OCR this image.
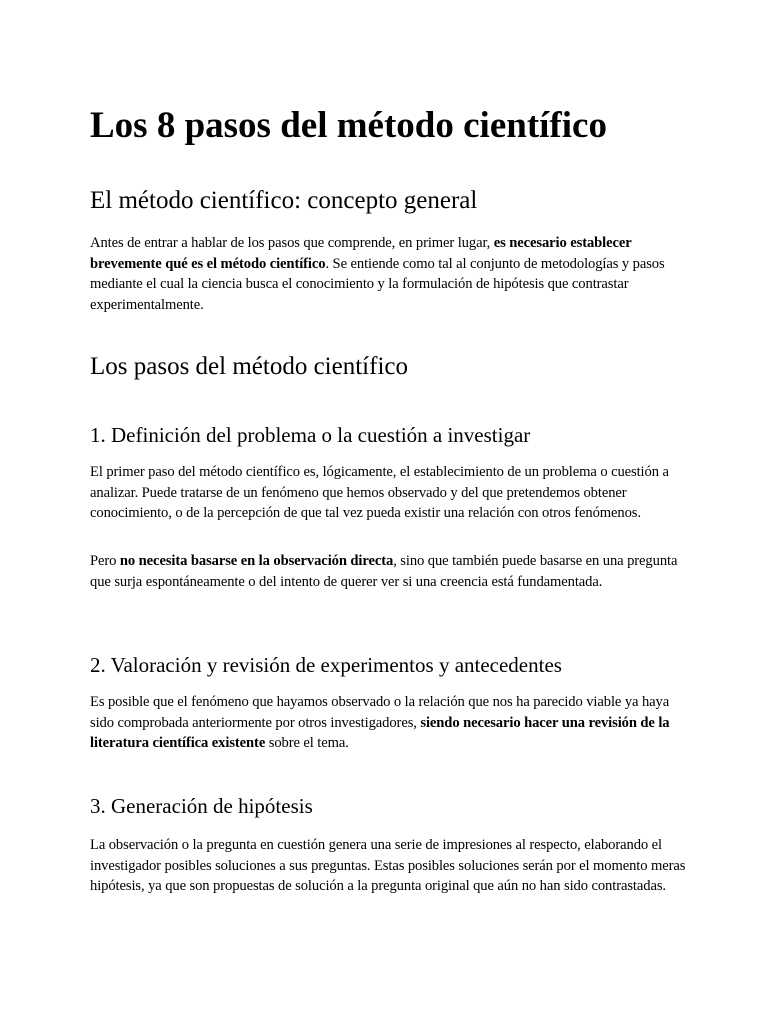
Los 8 pasos del método científico
El método científico: concepto general

Antes de entrar a hablar de los pasos que comprende, en primer lugar, es necesario establecer brevemente qué es el método científico. Se entiende como tal al conjunto de metodologías y pasos mediante el cual la ciencia busca el conocimiento y la formulación de hipótesis que contrastar experimentalmente.

Los pasos del método científico
1. Definición del problema o la cuestión a investigar

El primer paso del método científico es, lógicamente, el establecimiento de un problema o cuestión a analizar. Puede tratarse de un fenómeno que hemos observado y del que pretendemos obtener conocimiento, o de la percepción de que tal vez pueda existir una relación con otros fenómenos.

Pero no necesita basarse en la observación directa, sino que también puede basarse en una pregunta que surja espontáneamente o del intento de querer ver si una creencia está fundamentada.

2. Valoración y revisión de experimentos y antecedentes

Es posible que el fenómeno que hayamos observado o la relación que nos ha parecido viable ya haya sido comprobada anteriormente por otros investigadores, siendo necesario hacer una revisión de la literatura científica existente sobre el tema.

3. Generación de hipótesis

La observación o la pregunta en cuestión genera una serie de impresiones al respecto, elaborando el investigador posibles soluciones a sus preguntas. Estas posibles soluciones serán por el momento meras hipótesis, ya que son propuestas de solución a la pregunta original que aún no han sido contrastadas.
